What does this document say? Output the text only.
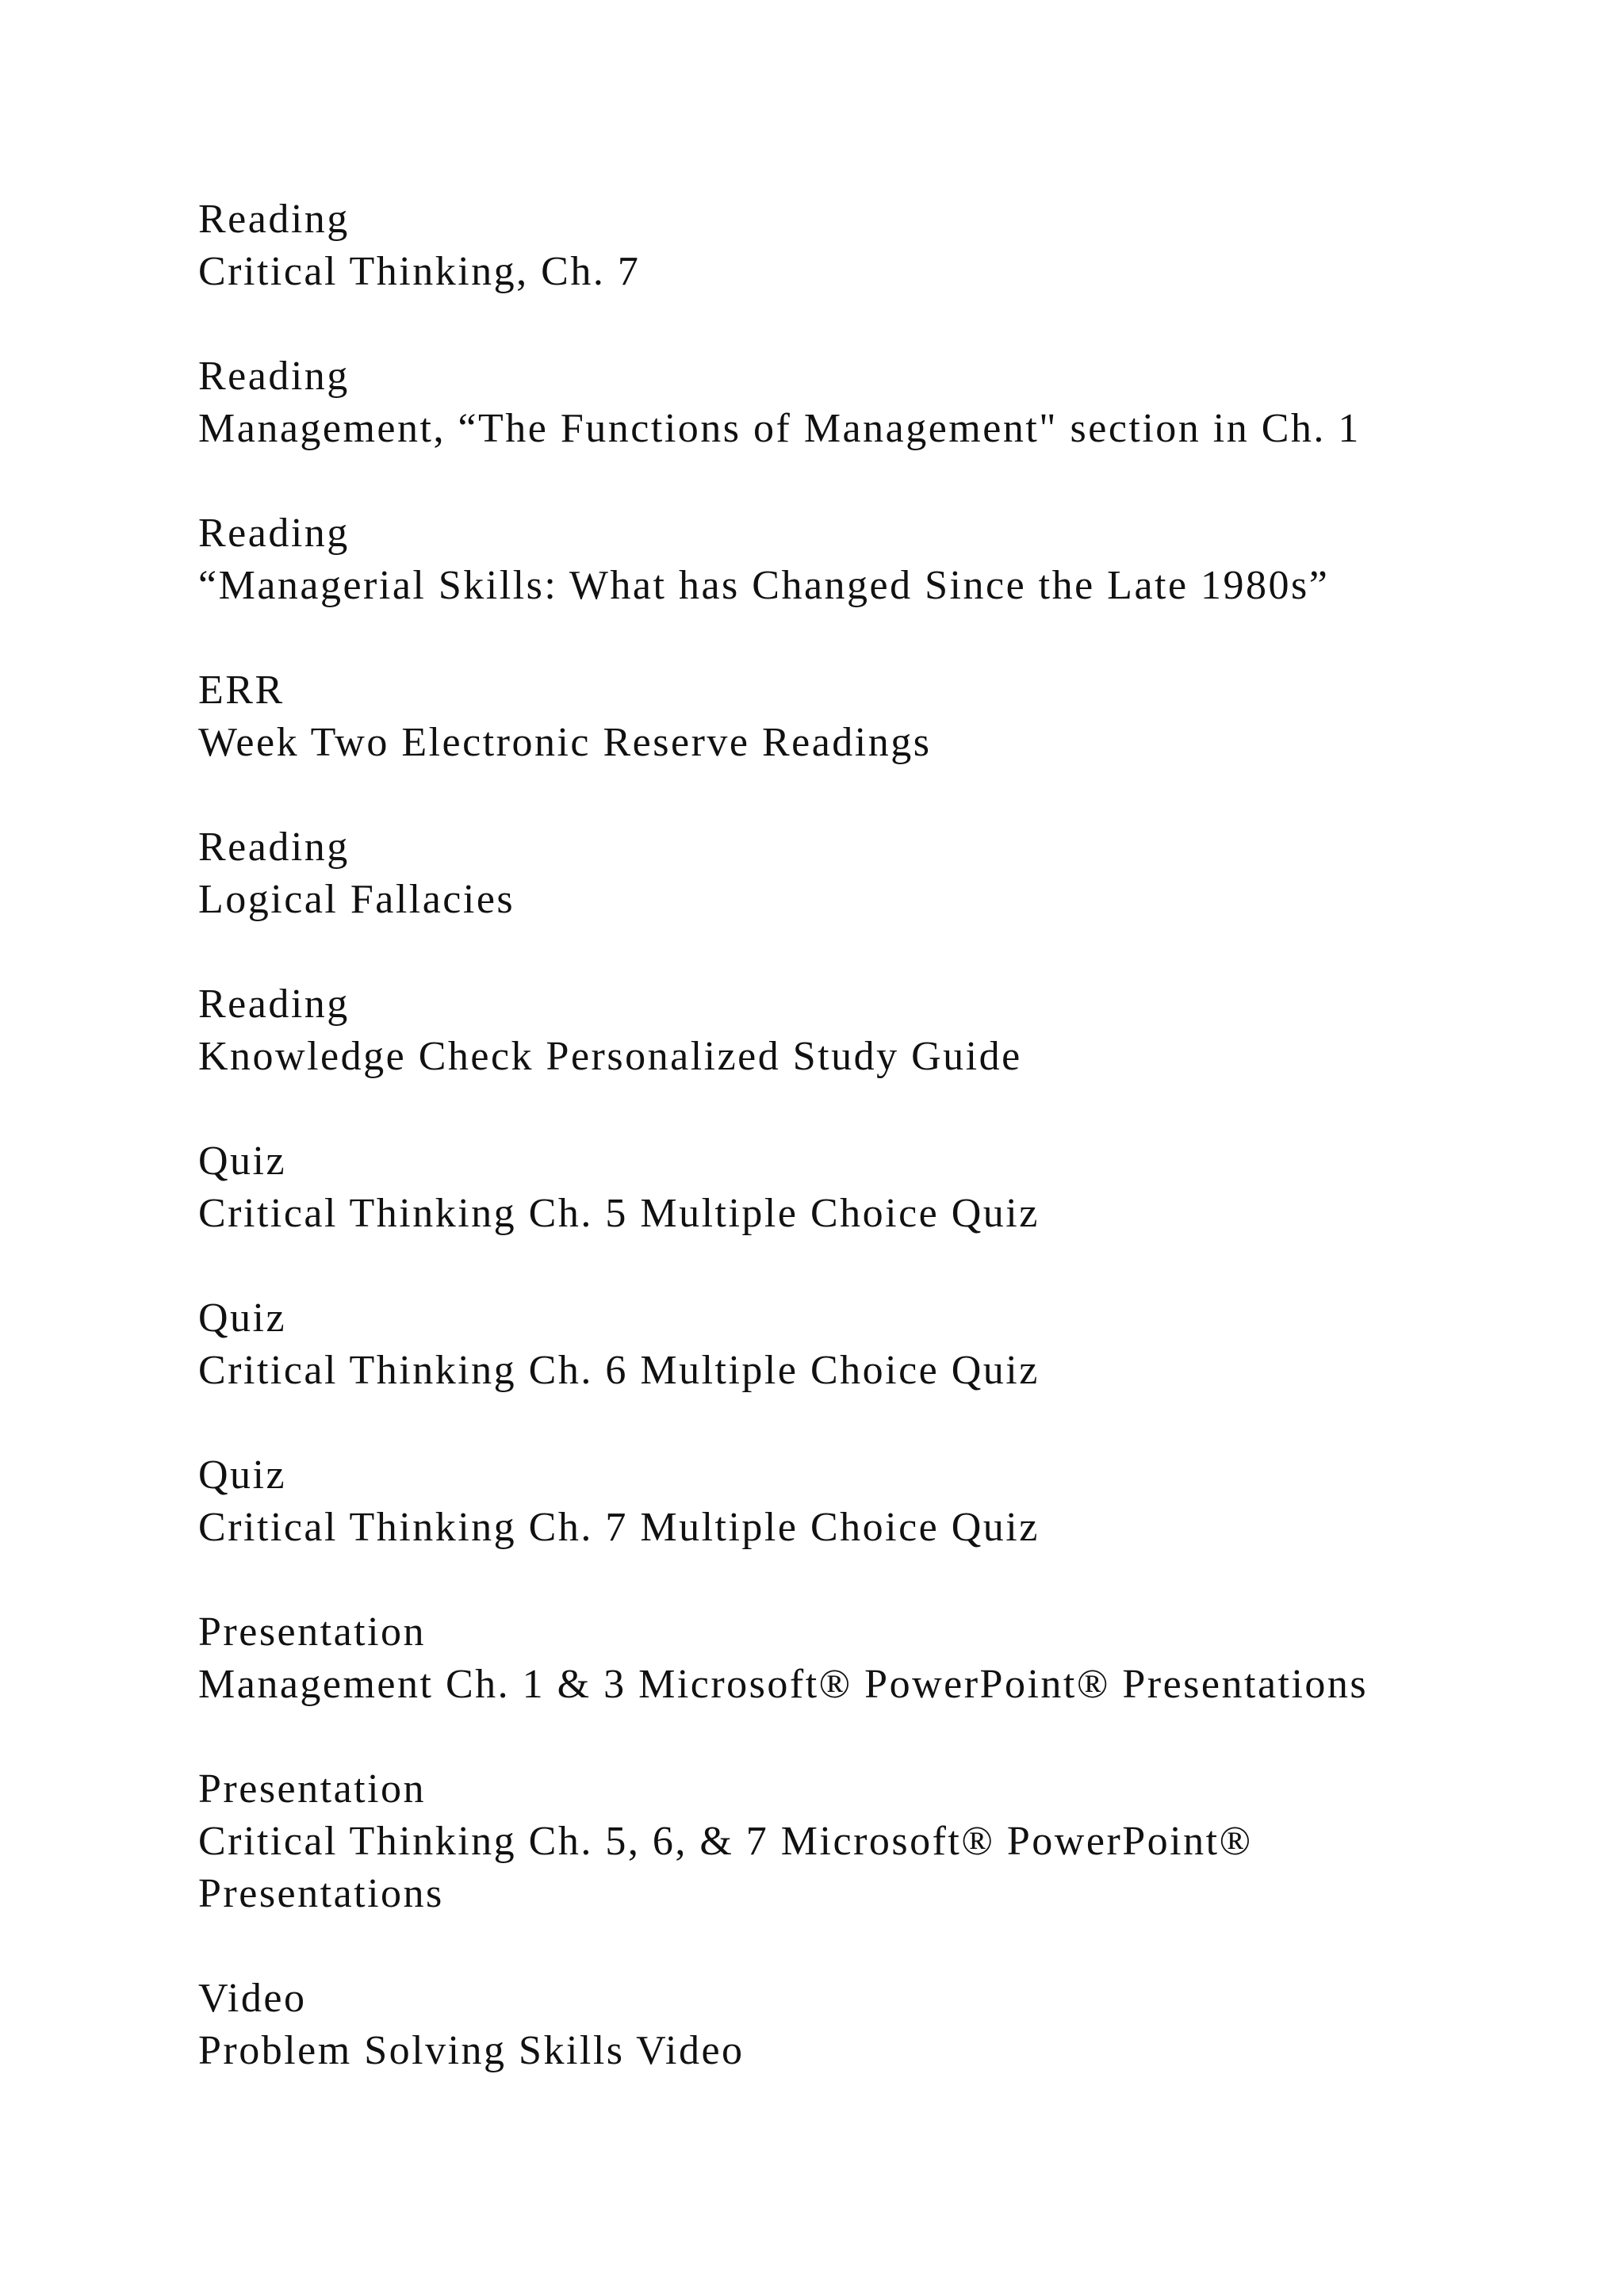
Reading
Critical Thinking, Ch. 7
Reading
Management, “The Functions of Management" section in Ch. 1
Reading
“Managerial Skills: What has Changed Since the Late 1980s”
ERR
Week Two Electronic Reserve Readings
Reading
Logical Fallacies
Reading
Knowledge Check Personalized Study Guide
Quiz
Critical Thinking Ch. 5 Multiple Choice Quiz
Quiz
Critical Thinking Ch. 6 Multiple Choice Quiz
Quiz
Critical Thinking Ch. 7 Multiple Choice Quiz
Presentation
Management Ch. 1 & 3 Microsoft® PowerPoint® Presentations
Presentation
Critical Thinking Ch. 5, 6, & 7 Microsoft® PowerPoint® Presentations
Video
Problem Solving Skills Video
